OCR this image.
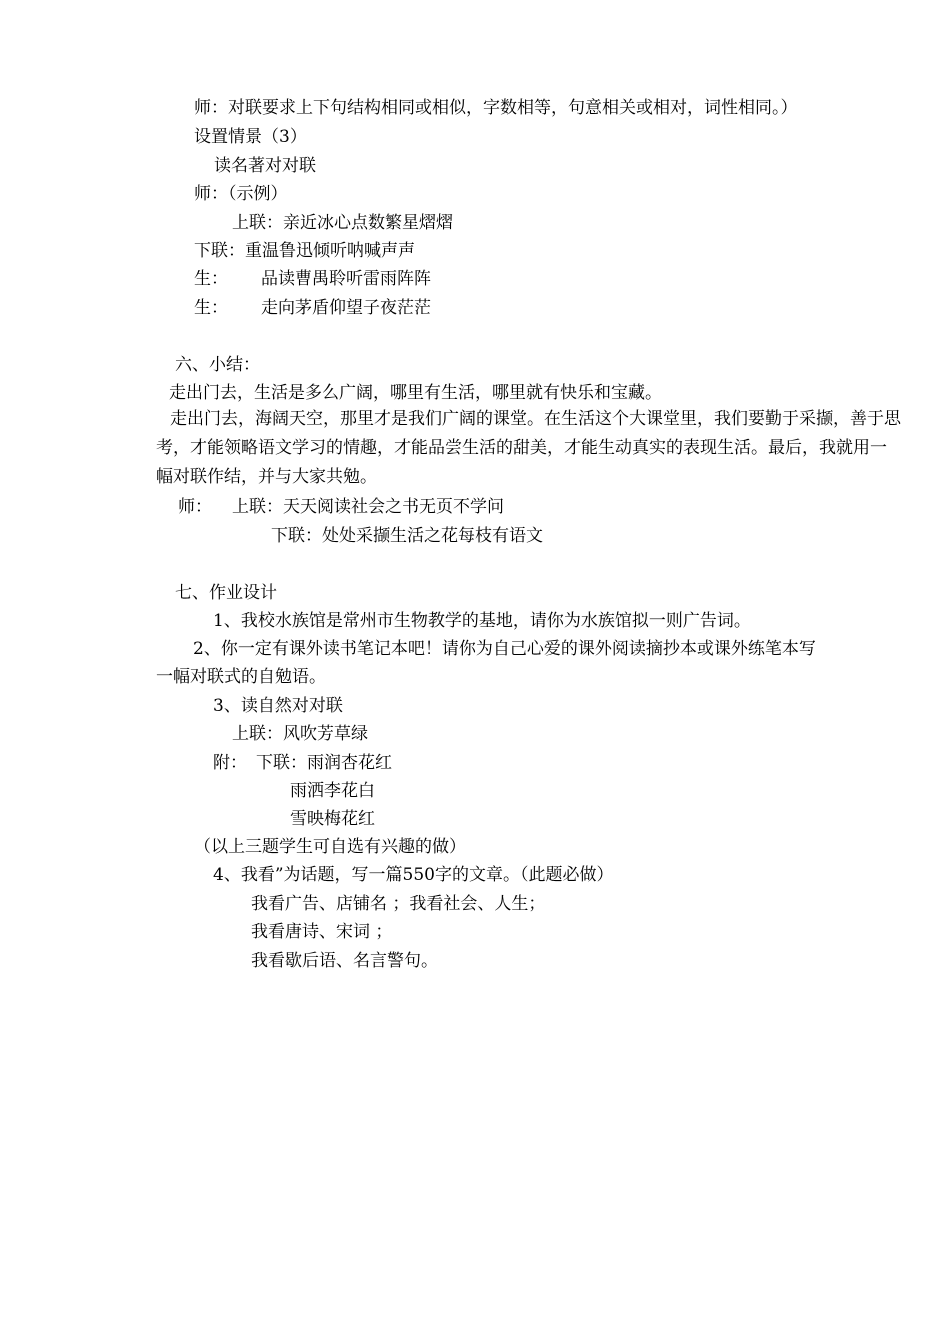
师：对联要求上下句结构相同或相似，字数相等，句意相关或相对，词性相同。）
设置情景（3）
读名著对对联
师：（示例）
上联：亲近冰心点数繁星熠熠
下联：重温鲁迅倾听呐喊声声
生： 品读曹禺聆听雷雨阵阵
生： 走向茅盾仰望子夜茫茫
六、小结：
走出门去，生活是多么广阔，哪里有生活，哪里就有快乐和宝藏。
走出门去，海阔天空，那里才是我们广阔的课堂。在生活这个大课堂里，我们要勤于采撷，善于思考，才能领略语文学习的情趣，才能品尝生活的甜美，才能生动真实的表现生活。最后，我就用一幅对联作结，并与大家共勉。
师： 上联：天天阅读社会之书无页不学问
下联：处处采撷生活之花每枝有语文
七、作业设计
1、我校水族馆是常州市生物教学的基地，请你为水族馆拟一则广告词。
2、你一定有课外读书笔记本吧！请你为自己心爱的课外阅读摘抄本或课外练笔本写
一幅对联式的自勉语。
3、读自然对对联
上联：风吹芳草绿
附： 下联：雨润杏花红
雨洒李花白
雪映梅花红
（以上三题学生可自选有兴趣的做）
4、我看”为话题，写一篇550字的文章。（此题必做）
我看广告、店铺名 ；我看社会、人生；
我看唐诗、宋词 ；
我看歇后语、名言警句。
